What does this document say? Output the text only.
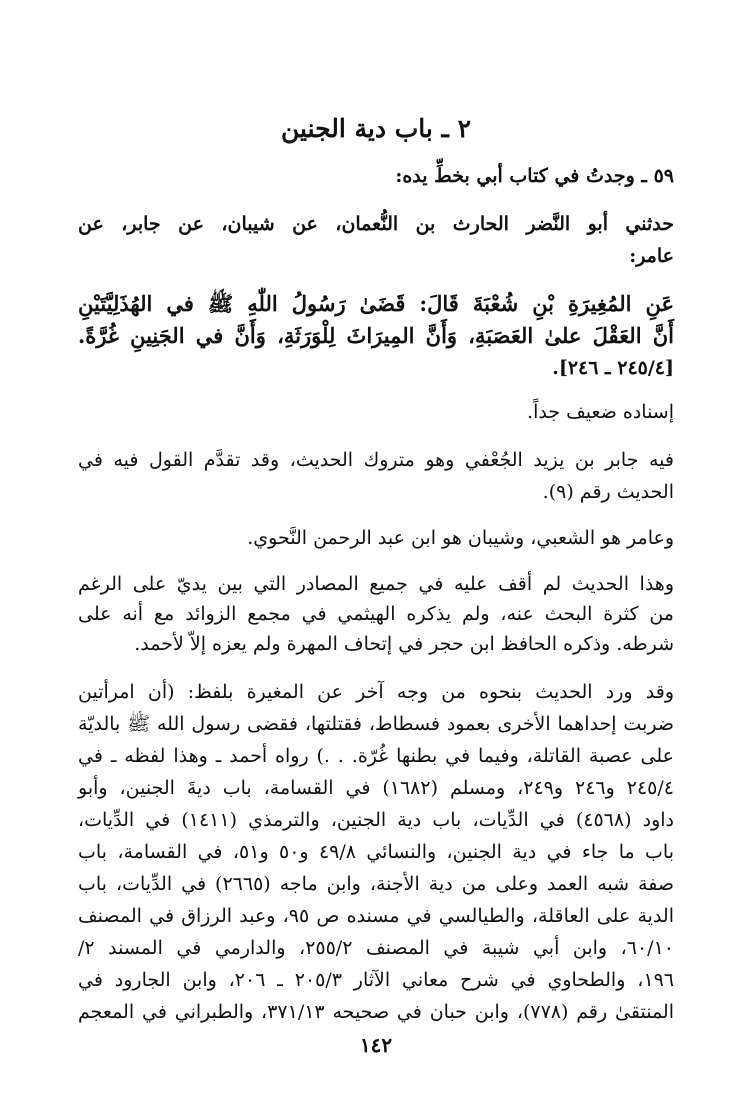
٢ ـ باب دية الجنين
٥٩ ـ وجدتُ في كتاب أبي بخطِّ يده:
حدثني أبو النَّضر الحارث بن النُّعمان، عن شيبان، عن جابر، عن
عامر:
عَنِ المُغِيرَةِ بْنِ شُعْبَةَ قَالَ: قَضَىٰ رَسُولُ اللّٰهِ ﷺ في الهُذَلِيَّتَيْنِ
أَنَّ العَقْلَ علىٰ العَصَبَةِ، وَأَنَّ المِيرَاثَ لِلْوَرَثَةِ، وَأَنَّ في الجَنِينِ غُرَّةً.
[٢٤٥/٤ ـ ٢٤٦].
إسناده ضعيف جداً.
فيه جابر بن يزيد الجُعْفي وهو متروك الحديث، وقد تقدَّم القول فيه في
الحديث رقم (٩).
وعامر هو الشعبي، وشيبان هو ابن عبد الرحمن النَّحوي.
وهذا الحديث لم أقف عليه في جميع المصادر التي بين يديّ على الرغم
من كثرة البحث عنه، ولم يذكره الهيثمي في مجمع الزوائد مع أنه على
شرطه. وذكره الحافظ ابن حجر في إتحاف المهرة ولم يعزه إلاّ لأحمد.
وقد ورد الحديث بنحوه من وجه آخر عن المغيرة بلفظ: (أن امرأتين
ضربت إحداهما الأخرى بعمود فسطاط، فقتلتها، فقضى رسول الله ﷺ بالديّة
على عصبة القاتلة، وفيما في بطنها غُرّة. . .) رواه أحمد ـ وهذا لفظه ـ في
٢٤٥/٤ و٢٤٦ و٢٤٩، ومسلم (١٦٨٢) في القسامة، باب ديةَ الجنين، وأبو
داود (٤٥٦٨) في الدِّيات، باب دية الجنين، والترمذي (١٤١١) في الدِّيات،
باب ما جاء في دية الجنين، والنسائي ٤٩/٨ و٥٠ و٥١، في القسامة، باب
صفة شبه العمد وعلى من دية الأجنة، وابن ماجه (٢٦٦٥) في الدِّيات، باب
الدية على العاقلة، والطيالسي في مسنده ص ٩٥، وعبد الرزاق في المصنف
٦٠/١٠، وابن أبي شيبة في المصنف ٢٥٥/٢، والدارمي في المسند ٢/
١٩٦، والطحاوي في شرح معاني الآثار ٢٠٥/٣ ـ ٢٠٦، وابن الجارود في
المنتقىٰ رقم (٧٧٨)، وابن حبان في صحيحه ٣٧١/١٣، والطبراني في المعجم
١٤٢
